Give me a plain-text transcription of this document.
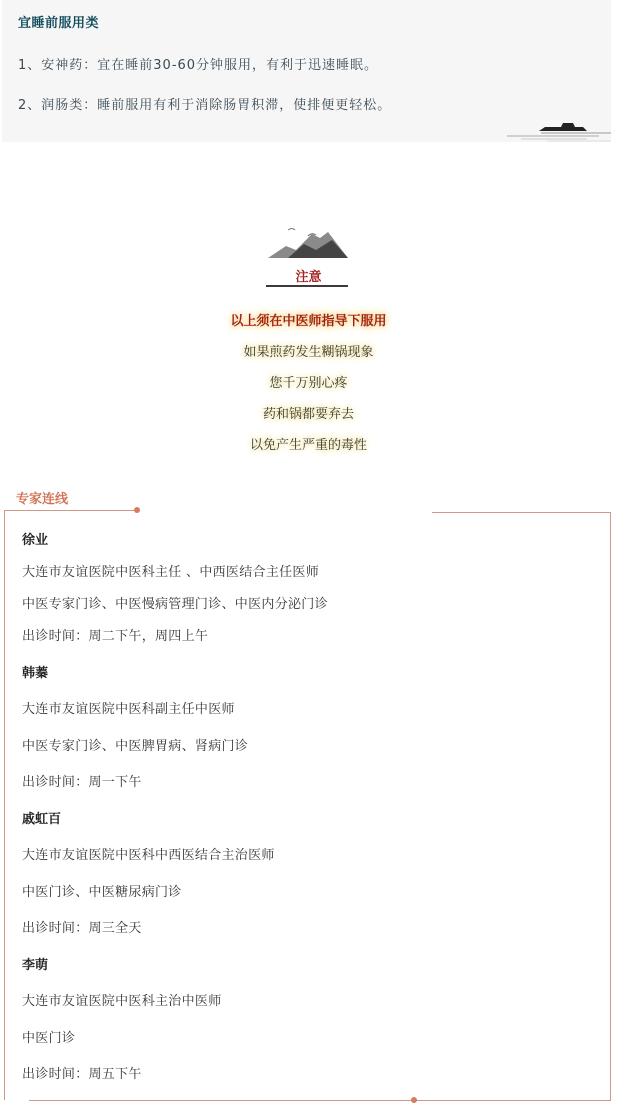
宜睡前服用类
1、安神药：宜在睡前30-60分钟服用，有利于迅速睡眠。
2、润肠类：睡前服用有利于消除肠胃积滞，使排便更轻松。
注意
以上须在中医师指导下服用
如果煎药发生糊锅现象
您千万别心疼
药和锅都要弃去
以免产生严重的毒性
专家连线
徐业
大连市友谊医院中医科主任 、中西医结合主任医师
中医专家门诊、中医慢病管理门诊、中医内分泌门诊
出诊时间：周二下午，周四上午
韩蓁
大连市友谊医院中医科副主任中医师
中医专家门诊、中医脾胃病、肾病门诊
出诊时间：周一下午
戚虹百
大连市友谊医院中医科中西医结合主治医师
中医门诊、中医糖尿病门诊
出诊时间：周三全天
李萌
大连市友谊医院中医科主治中医师
中医门诊
出诊时间：周五下午
